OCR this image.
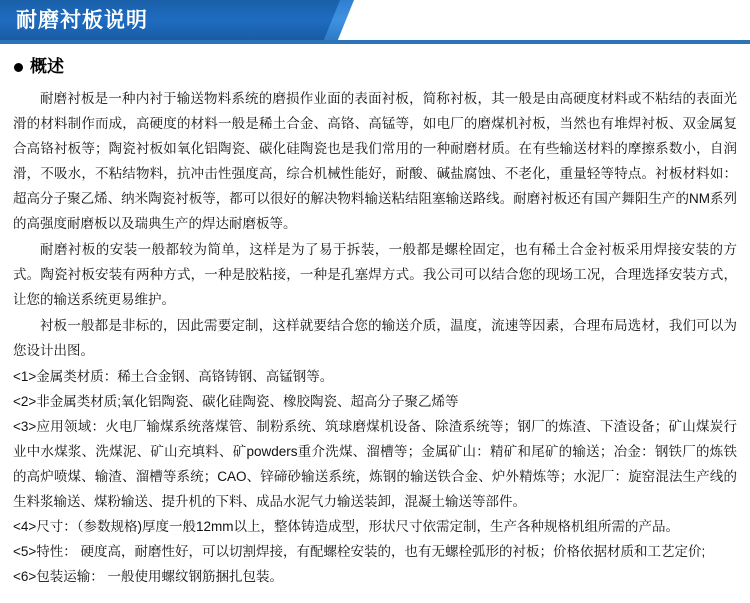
耐磨衬板说明
概述

耐磨衬板是一种内衬于输送物料系统的磨损作业面的表面衬板，简称衬板，其一般是由高硬度材料或不粘结的表面光滑的材料制作而成，高硬度的材料一般是稀土合金、高铬、高锰等，如电厂的磨煤机衬板，当然也有堆焊衬板、双金属复合高铬衬板等；陶瓷衬板如氧化铝陶瓷、碳化硅陶瓷也是我们常用的一种耐磨材质。在有些输送材料的摩擦系数小，自润滑，不吸水，不粘结物料，抗冲击性强度高，综合机械性能好，耐酸、碱盐腐蚀、不老化，重量轻等特点。衬板材料如：超高分子聚乙烯、纳米陶瓷衬板等，都可以很好的解决物料输送粘结阻塞输送路线。耐磨衬板还有国产舞阳生产的NM系列的高强度耐磨板以及瑞典生产的焊达耐磨板等。

耐磨衬板的安装一般都较为简单，这样是为了易于拆装，一般都是螺栓固定，也有稀土合金衬板采用焊接安装的方式。陶瓷衬板安装有两种方式，一种是胶粘接，一种是孔塞焊方式。我公司可以结合您的现场工况，合理选择安装方式，让您的输送系统更易维护。

衬板一般都是非标的，因此需要定制，这样就要结合您的输送介质，温度，流速等因素，合理布局选材，我们可以为您设计出图。

<1>金属类材质：稀土合金钢、高铬铸钢、高锰钢等。

<2>非金属类材质;氧化铝陶瓷、碳化硅陶瓷、橡胶陶瓷、超高分子聚乙烯等

<3>应用领域：火电厂输煤系统落煤管、制粉系统、筑球磨煤机设备、除渣系统等；钢厂的炼渣、下渣设备；矿山煤炭行业中水煤浆、洗煤泥、矿山充填料、矿powders重介洗煤、溜槽等；金属矿山：精矿和尾矿的输送；冶金：钢铁厂的炼铁的高炉喷煤、输渣、溜槽等系统；CAO、锌碲砂输送系统，炼钢的输送铁合金、炉外精炼等；水泥厂：旋窑混法生产线的生料浆输送、煤粉输送、提升机的下料、成品水泥气力输送装卸，混凝土输送等部件。

<4>尺寸：（参数规格)厚度一般12mm以上，整体铸造成型，形状尺寸依需定制，生产各种规格机组所需的产品。

<5>特性： 硬度高，耐磨性好，可以切割焊接，有配螺栓安装的，也有无螺栓弧形的衬板；价格依据材质和工艺定价;

<6>包装运输： 一般使用螺纹钢筋捆扎包装。
